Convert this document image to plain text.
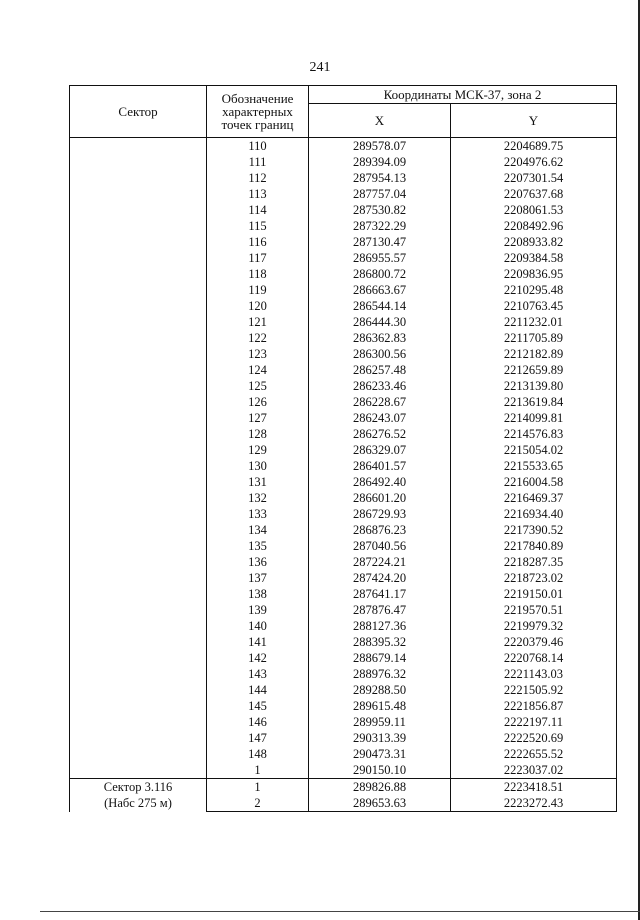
241
Сектор	Обозначение характерных точек границ	Координаты МСК-37, зона 2	
		X	Y
	110	289578.07	2204689.75
	111	289394.09	2204976.62
	112	287954.13	2207301.54
	113	287757.04	2207637.68
	114	287530.82	2208061.53
	115	287322.29	2208492.96
	116	287130.47	2208933.82
	117	286955.57	2209384.58
	118	286800.72	2209836.95
	119	286663.67	2210295.48
	120	286544.14	2210763.45
	121	286444.30	2211232.01
	122	286362.83	2211705.89
	123	286300.56	2212182.89
	124	286257.48	2212659.89
	125	286233.46	2213139.80
	126	286228.67	2213619.84
	127	286243.07	2214099.81
	128	286276.52	2214576.83
	129	286329.07	2215054.02
	130	286401.57	2215533.65
	131	286492.40	2216004.58
	132	286601.20	2216469.37
	133	286729.93	2216934.40
	134	286876.23	2217390.52
	135	287040.56	2217840.89
	136	287224.21	2218287.35
	137	287424.20	2218723.02
	138	287641.17	2219150.01
	139	287876.47	2219570.51
	140	288127.36	2219979.32
	141	288395.32	2220379.46
	142	288679.14	2220768.14
	143	288976.32	2221143.03
	144	289288.50	2221505.92
	145	289615.48	2221856.87
	146	289959.11	2222197.11
	147	290313.39	2222520.69
	148	290473.31	2222655.52
	1	290150.10	2223037.02

Сектор 3.116
(Набс 275 м)	1	289826.88	2223418.51
	2	289653.63	2223272.43
